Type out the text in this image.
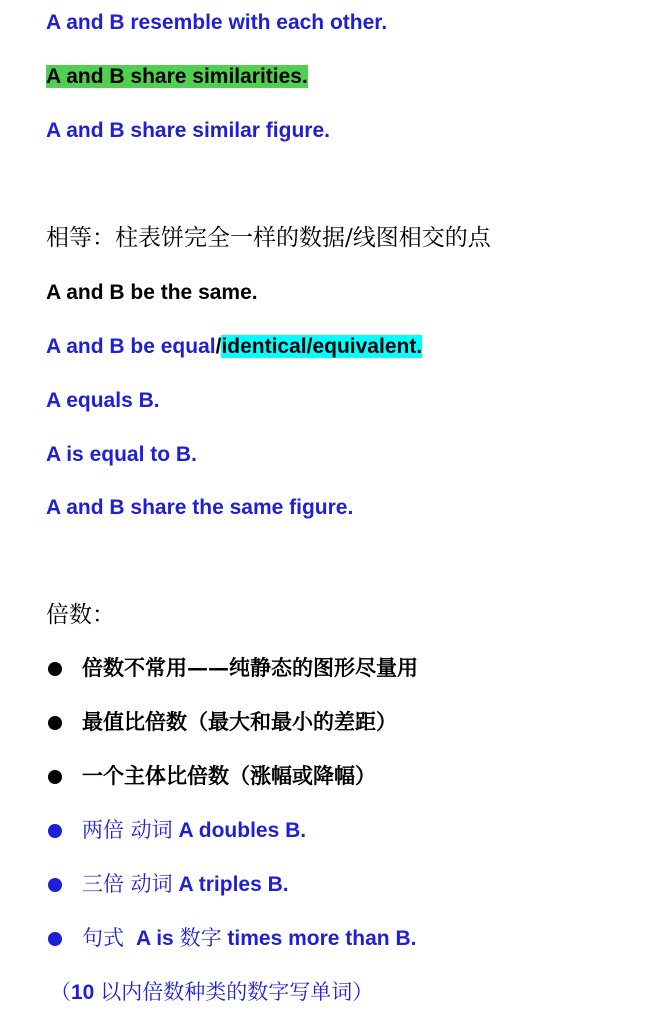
A and B resemble with each other.
A and B share similarities.
A and B share similar figure.
相等：柱表饼完全一样的数据/线图相交的点
A and B be the same.
A and B be equal/identical/equivalent.
A equals B.
A is equal to B.
A and B share the same figure.
倍数：
倍数不常用——纯静态的图形尽量用
最值比倍数（最大和最小的差距）
一个主体比倍数（涨幅或降幅）
两倍 动词 A doubles B.
三倍 动词 A triples B.
句式 A is 数字 times more than B.
（10 以内倍数种类的数字写单词）
